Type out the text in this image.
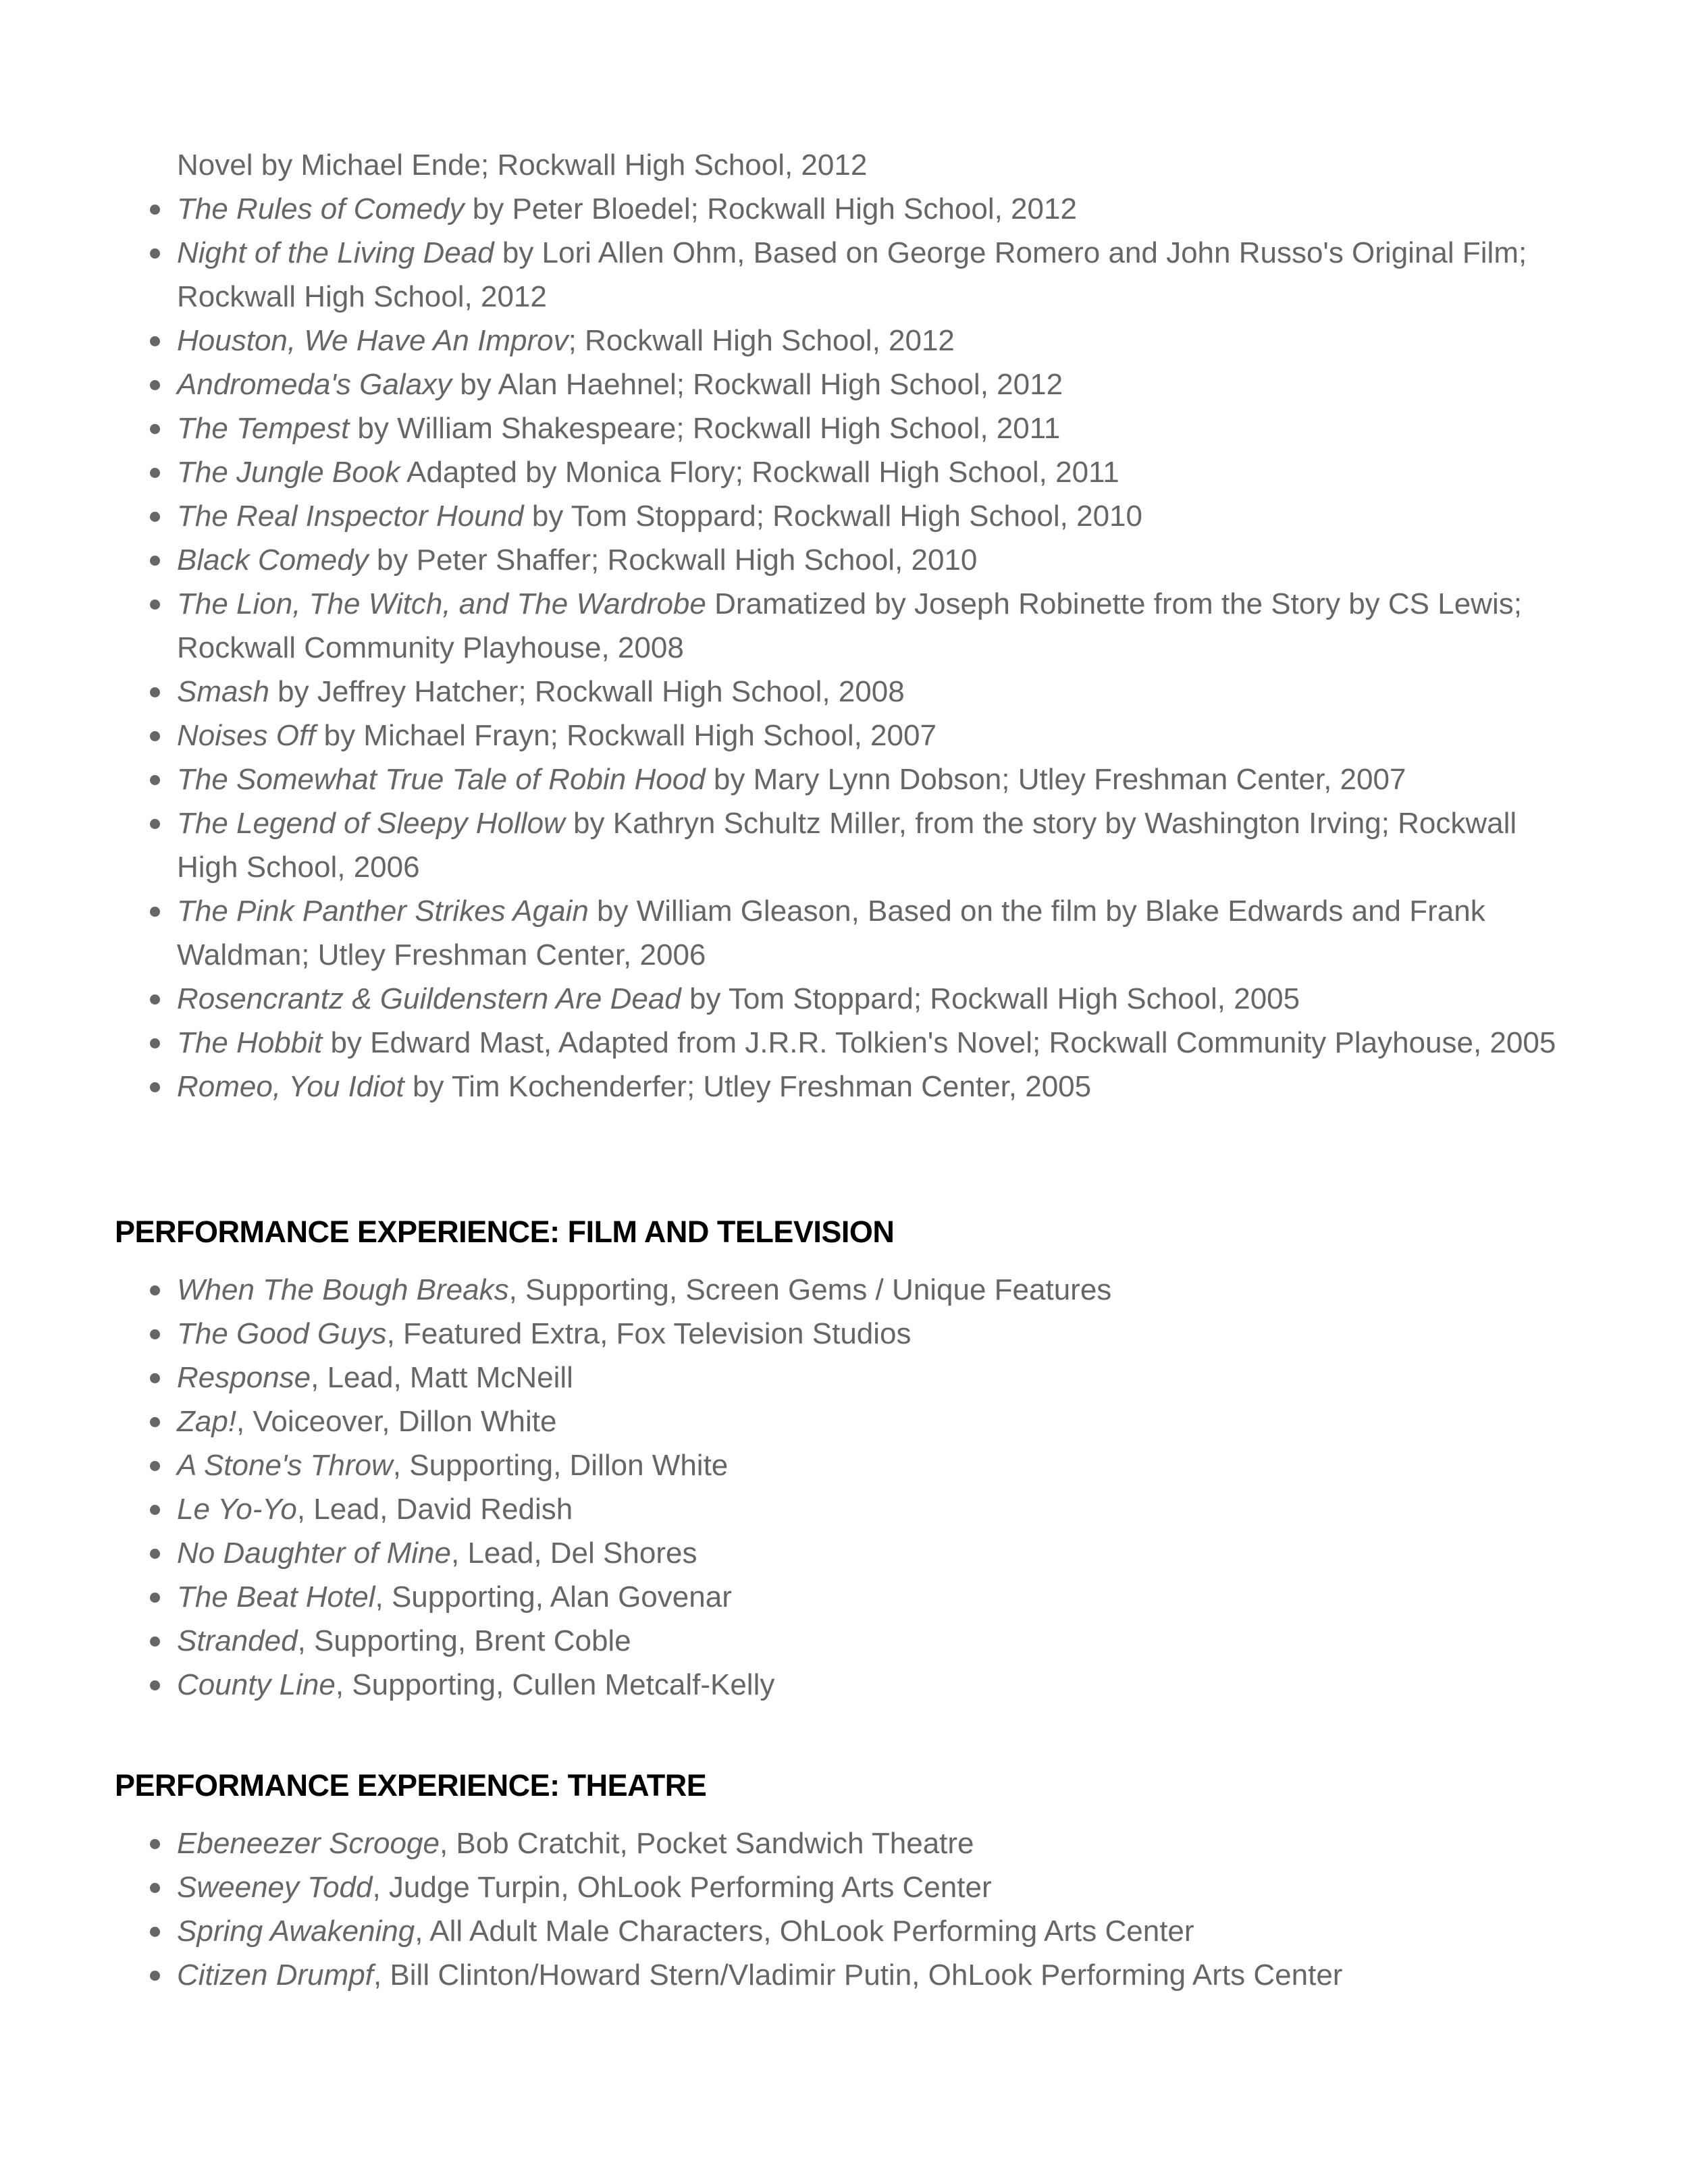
Novel by Michael Ende; Rockwall High School, 2012
The Rules of Comedy by Peter Bloedel; Rockwall High School, 2012
Night of the Living Dead by Lori Allen Ohm, Based on George Romero and John Russo's Original Film; Rockwall High School, 2012
Houston, We Have An Improv; Rockwall High School, 2012
Andromeda's Galaxy by Alan Haehnel; Rockwall High School, 2012
The Tempest by William Shakespeare; Rockwall High School, 2011
The Jungle Book Adapted by Monica Flory; Rockwall High School, 2011
The Real Inspector Hound by Tom Stoppard; Rockwall High School, 2010
Black Comedy by Peter Shaffer; Rockwall High School, 2010
The Lion, The Witch, and The Wardrobe Dramatized by Joseph Robinette from the Story by CS Lewis; Rockwall Community Playhouse, 2008
Smash by Jeffrey Hatcher; Rockwall High School, 2008
Noises Off by Michael Frayn; Rockwall High School, 2007
The Somewhat True Tale of Robin Hood by Mary Lynn Dobson; Utley Freshman Center, 2007
The Legend of Sleepy Hollow by Kathryn Schultz Miller, from the story by Washington Irving; Rockwall High School, 2006
The Pink Panther Strikes Again by William Gleason, Based on the film by Blake Edwards and Frank Waldman; Utley Freshman Center, 2006
Rosencrantz & Guildenstern Are Dead by Tom Stoppard; Rockwall High School, 2005
The Hobbit by Edward Mast, Adapted from J.R.R. Tolkien's Novel; Rockwall Community Playhouse, 2005
Romeo, You Idiot by Tim Kochenderfer; Utley Freshman Center, 2005
PERFORMANCE EXPERIENCE: FILM AND TELEVISION
When The Bough Breaks, Supporting, Screen Gems / Unique Features
The Good Guys, Featured Extra, Fox Television Studios
Response, Lead, Matt McNeill
Zap!, Voiceover, Dillon White
A Stone's Throw, Supporting, Dillon White
Le Yo-Yo, Lead, David Redish
No Daughter of Mine, Lead, Del Shores
The Beat Hotel, Supporting, Alan Govenar
Stranded, Supporting, Brent Coble
County Line, Supporting, Cullen Metcalf-Kelly
PERFORMANCE EXPERIENCE: THEATRE
Ebeneezer Scrooge, Bob Cratchit, Pocket Sandwich Theatre
Sweeney Todd, Judge Turpin, OhLook Performing Arts Center
Spring Awakening, All Adult Male Characters, OhLook Performing Arts Center
Citizen Drumpf, Bill Clinton/Howard Stern/Vladimir Putin, OhLook Performing Arts Center
